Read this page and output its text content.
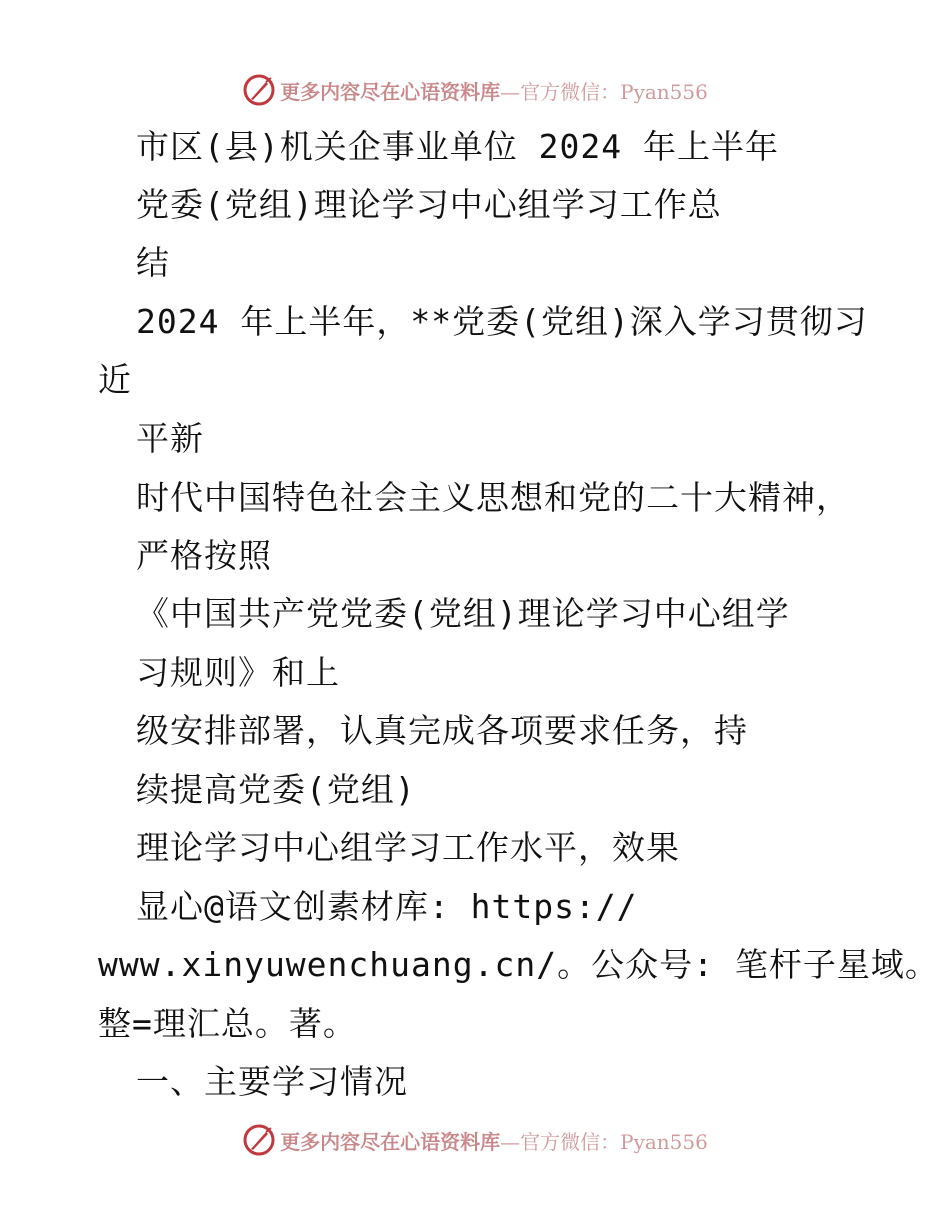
更多内容尽在心语资料库—官方微信：Pyan556
市区(县)机关企事业单位 2024 年上半年
党委(党组)理论学习中心组学习工作总
结
2024 年上半年，**党委(党组)深入学习贯彻习
近
平新
时代中国特色社会主义思想和党的二十大精神，
严格按照
《中国共产党党委(党组)理论学习中心组学
习规则》和上
级安排部署，认真完成各项要求任务，持
续提高党委(党组)
理论学习中心组学习工作水平，效果
显心@语文创素材库: https://
www.xinyuwenchuang.cn/。公众号: 笔杆子星域。
整=理汇总。著。
一、主要学习情况
更多内容尽在心语资料库—官方微信：Pyan556
